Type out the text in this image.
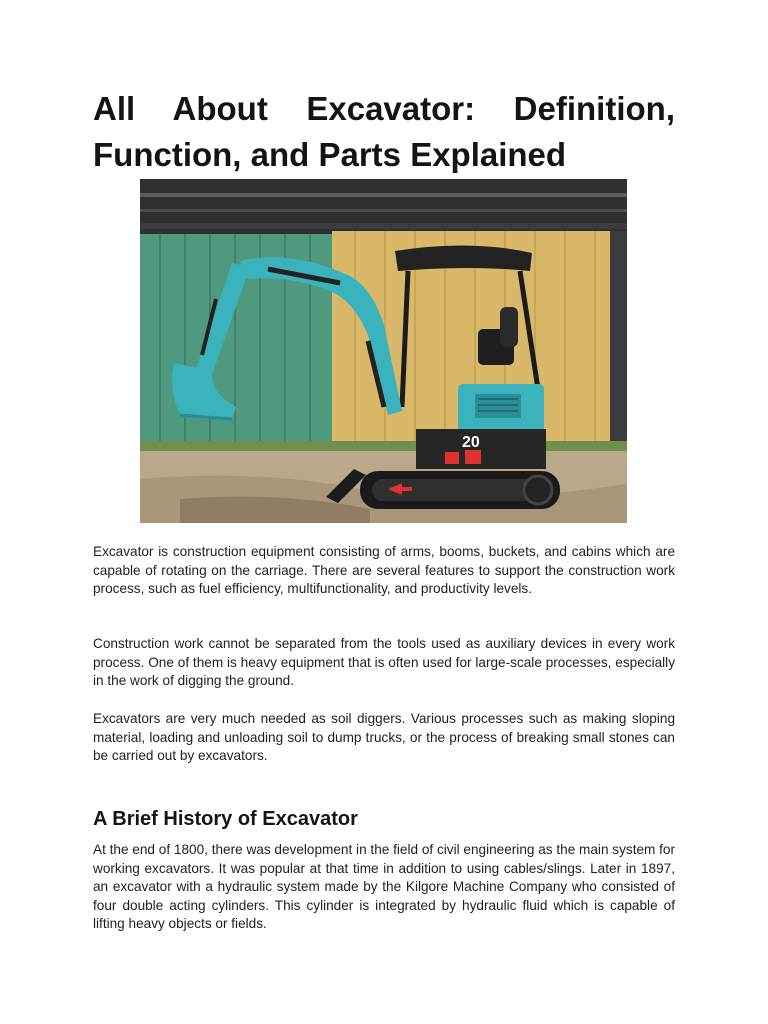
All About Excavator: Definition, Function, and Parts Explained
20

Excavator is construction equipment consisting of arms, booms, buckets, and cabins which are capable of rotating on the carriage. There are several features to support the construction work process, such as fuel efficiency, multifunctionality, and productivity levels.

Construction work cannot be separated from the tools used as auxiliary devices in every work process. One of them is heavy equipment that is often used for large-scale processes, especially in the work of digging the ground.

Excavators are very much needed as soil diggers. Various processes such as making sloping material, loading and unloading soil to dump trucks, or the process of breaking small stones can be carried out by excavators.

A Brief History of Excavator

At the end of 1800, there was development in the field of civil engineering as the main system for working excavators. It was popular at that time in addition to using cables/slings. Later in 1897, an excavator with a hydraulic system made by the Kilgore Machine Company who consisted of four double acting cylinders. This cylinder is integrated by hydraulic fluid which is capable of lifting heavy objects or fields.
